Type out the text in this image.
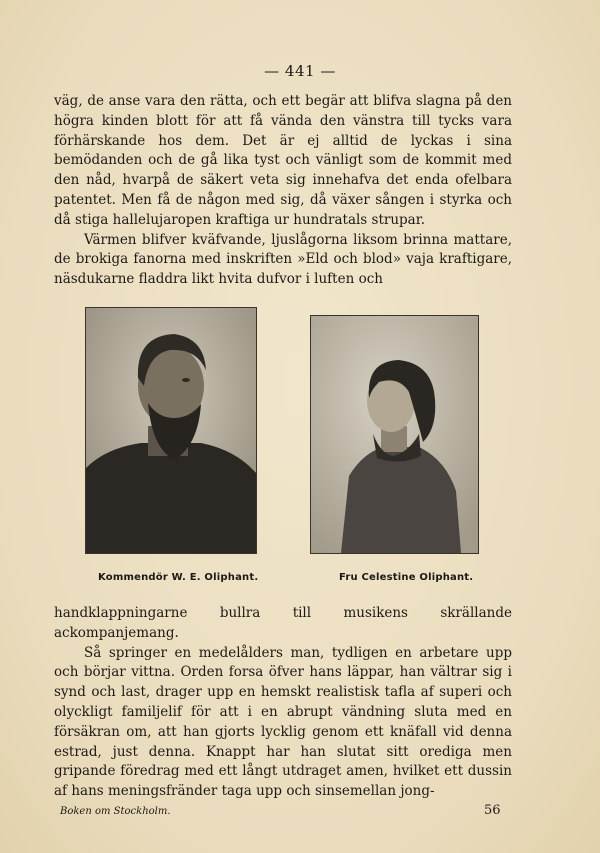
— 441 —

väg, de anse vara den rätta, och ett begär att blifva slagna på den högra kinden blott för att få vända den vänstra till tycks vara förhärskande hos dem. Det är ej alltid de lyckas i sina bemödanden och de gå lika tyst och vänligt som de kommit med den nåd, hvarpå de säkert veta sig innehafva det enda ofelbara patentet. Men få de någon med sig, då växer sången i styrka och då stiga hallelujaropen kraftiga ur hundratals strupar.

Värmen blifver kväfvande, ljuslågorna liksom brinna mattare, de brokiga fanorna med inskriften »Eld och blod» vaja kraftigare, näsdukarne fladdra likt hvita dufvor i luften och

Kommendör W. E. Oliphant.	Fru Celestine Oliphant.

handklappningarne bullra till musikens skrällande ackompanjemang.

Så springer en medelålders man, tydligen en arbetare upp och börjar vittna. Orden forsa öfver hans läppar, han vältrar sig i synd och last, drager upp en hemskt realistisk tafla af superi och olyckligt familjelif för att i en abrupt vändning sluta med en försäkran om, att han gjorts lycklig genom ett knäfall vid denna estrad, just denna. Knappt har han slutat sitt orediga men gripande föredrag med ett långt utdraget amen, hvilket ett dussin af hans meningsfränder taga upp och sinsemellan jong-

Boken om Stockholm.	56
